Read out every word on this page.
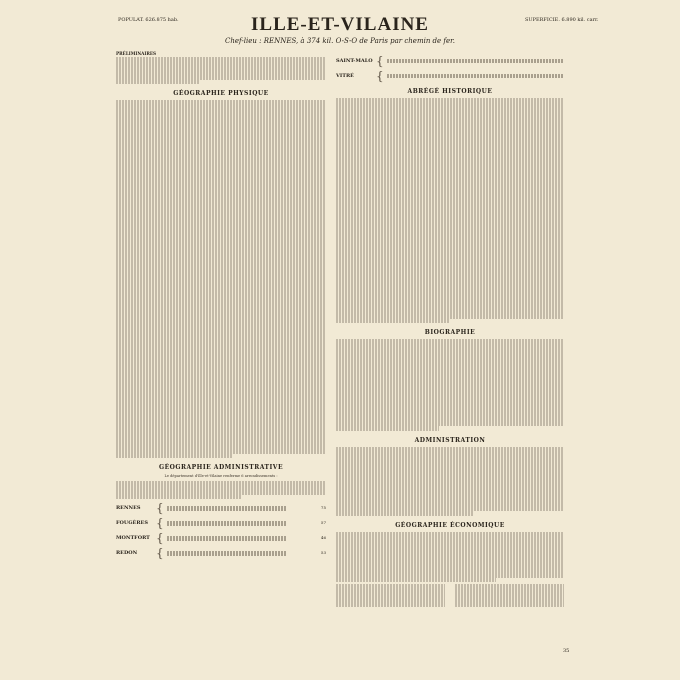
POPULAT. 626.875 hab.	SUPERFICIE. 6.890 kil. carr.
ILLE-ET-VILAINE
Chef-lieu : RENNES, à 374 kil. O-S-O de Paris par chemin de fer.
PRÉLIMINAIRES
GÉOGRAPHIE PHYSIQUE
GÉOGRAPHIE ADMINISTRATIVE
Le département d'Ille-et-Vilaine renferme 6 arrondissements :
RENNES	{	75
FOUGÈRES {	57
MONTFORT {	46
REDON	{	53
SAINT-MALO {
VITRÉ	{
ABRÉGÉ HISTORIQUE
BIOGRAPHIE
ADMINISTRATION
GÉOGRAPHIE ÉCONOMIQUE
35
